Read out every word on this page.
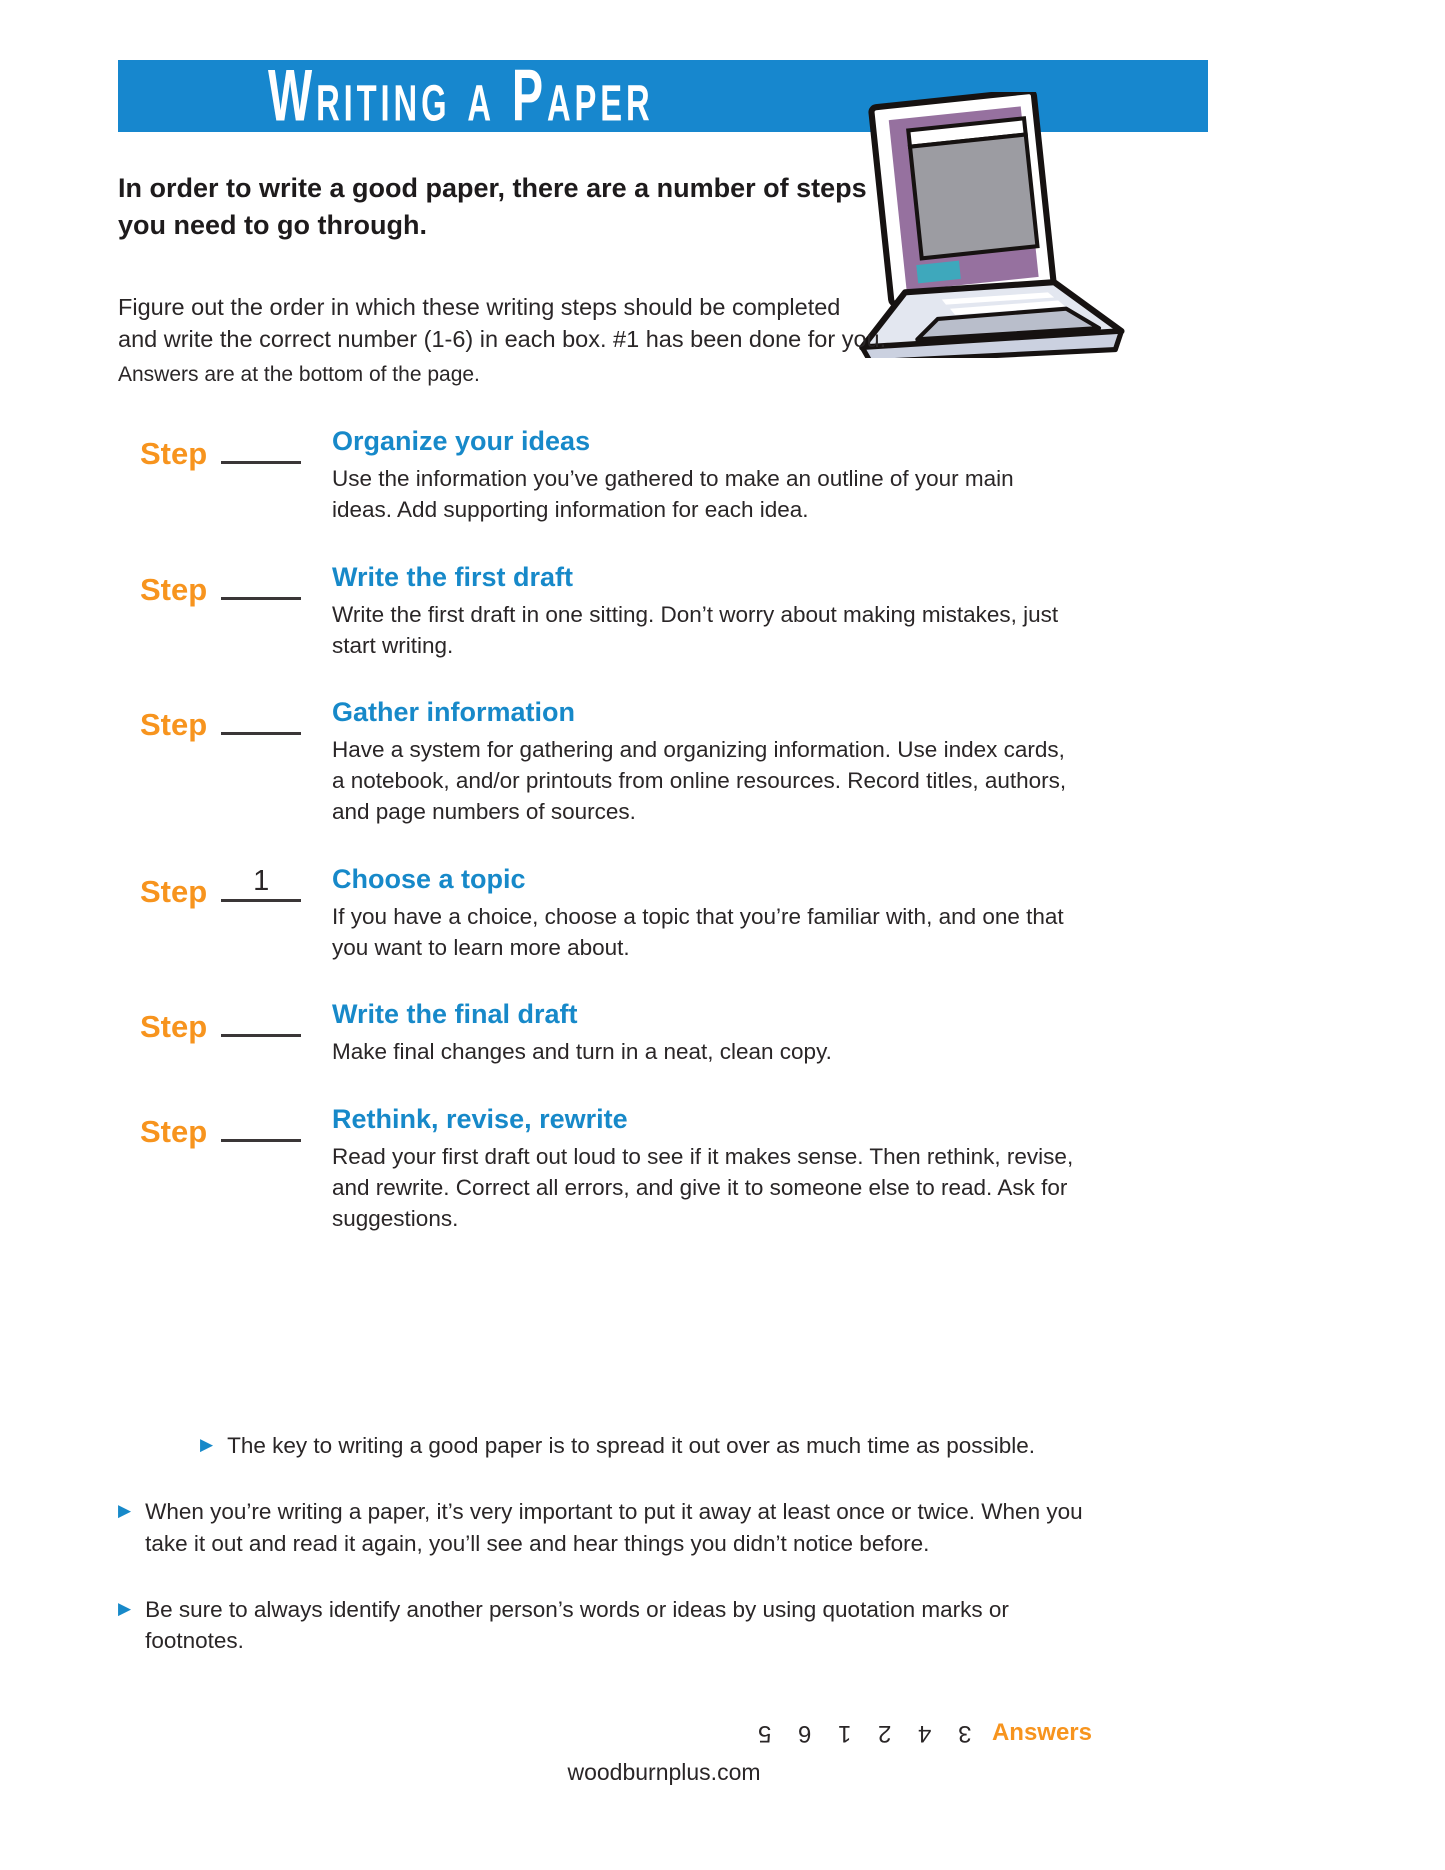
Writing a Paper

In order to write a good paper, there are a number of steps
you need to go through.

Figure out the order in which these writing steps should be completed
and write the correct number (1-6) in each box. #1 has been done for you.
Answers are at the bottom of the page.

Step	Organize your ideas

Use the information you’ve gathered to make an outline of your main ideas. Add supporting information for each idea.

Step	Write the first draft

Write the first draft in one sitting. Don’t worry about making mistakes, just start writing.

Step	Gather information

Have a system for gathering and organizing information. Use index cards, a notebook, and/or printouts from online resources. Record titles, authors, and page numbers of sources.

Step	1	Choose a topic

If you have a choice, choose a topic that you’re familiar with, and one that you want to learn more about.

Step	Write the final draft

Make final changes and turn in a neat, clean copy.

Step	Rethink, revise, rewrite

Read your first draft out loud to see if it makes sense. Then rethink, revise, and rewrite. Correct all errors, and give it to someone else to read. Ask for suggestions.

▶ The key to writing a good paper is to spread it out over as much time as possible.
▶ When you’re writing a paper, it’s very important to put it away at least once or twice. When you take it out and read it again, you’ll see and hear things you didn’t notice before.
▶ Be sure to always identify another person’s words or ideas by using quotation marks or footnotes.
3 4 2 1 6 5 Answers
woodburnplus.com
